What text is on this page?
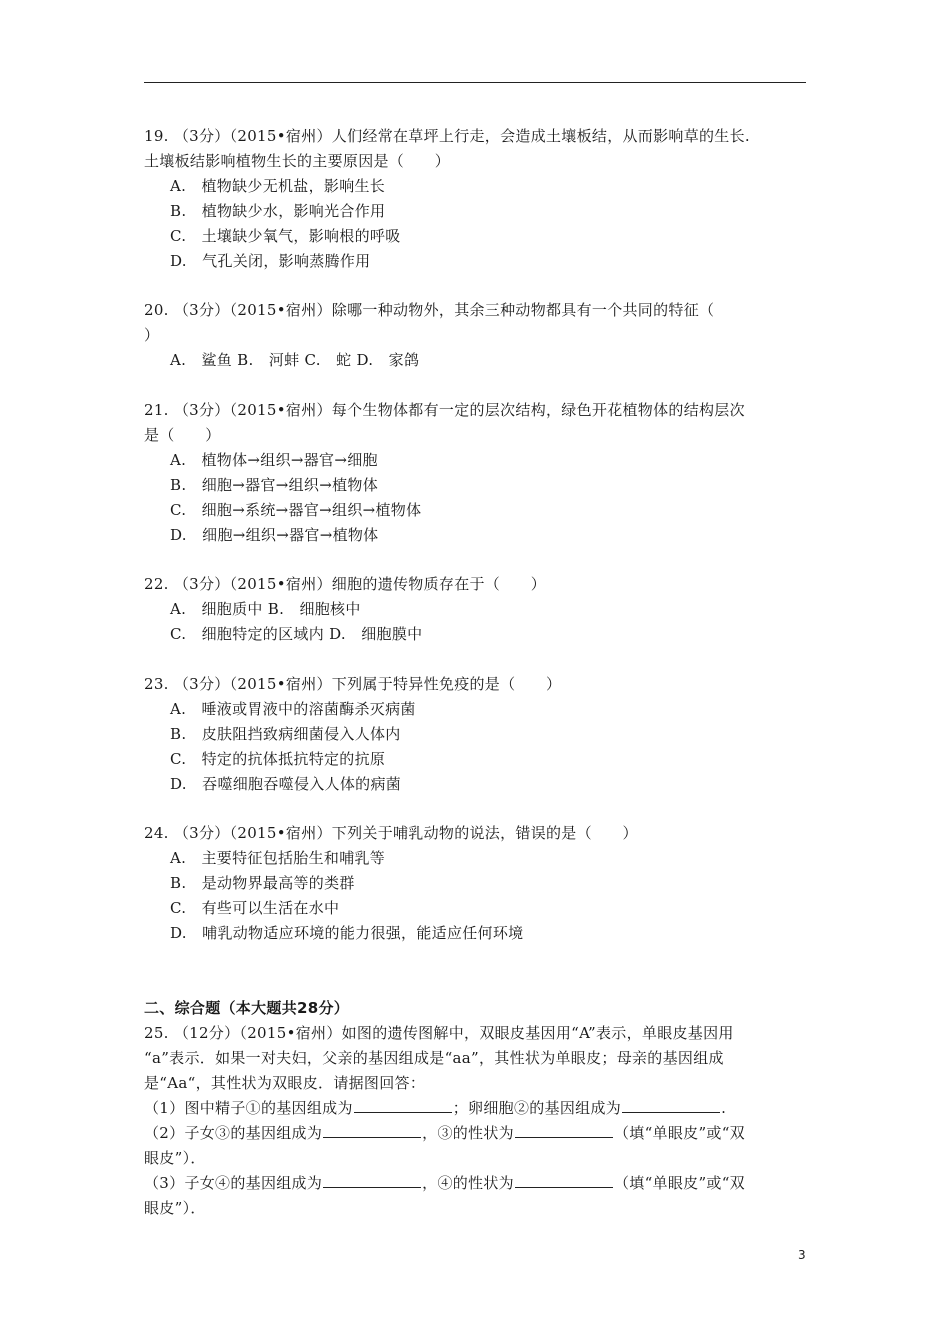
19. （3分）（2015•宿州）人们经常在草坪上行走，会造成土壤板结，从而影响草的生长.
土壤板结影响植物生长的主要原因是（　　）
A.　植物缺少无机盐，影响生长
B.　植物缺少水，影响光合作用
C.　土壤缺少氧气，影响根的呼吸
D.　气孔关闭，影响蒸腾作用
20. （3分）（2015•宿州）除哪一种动物外，其余三种动物都具有一个共同的特征（
）
A.　鲨鱼 B.　河蚌 C.　蛇 D.　家鸽
21. （3分）（2015•宿州）每个生物体都有一定的层次结构，绿色开花植物体的结构层次
是（　　）
A.　植物体→组织→器官→细胞
B.　细胞→器官→组织→植物体
C.　细胞→系统→器官→组织→植物体
D.　细胞→组织→器官→植物体
22. （3分）（2015•宿州）细胞的遗传物质存在于（　　）
A.　细胞质中 B.　细胞核中
C.　细胞特定的区域内 D.　细胞膜中
23. （3分）（2015•宿州）下列属于特异性免疫的是（　　）
A.　唾液或胃液中的溶菌酶杀灭病菌
B.　皮肤阻挡致病细菌侵入人体内
C.　特定的抗体抵抗特定的抗原
D.　吞噬细胞吞噬侵入人体的病菌
24. （3分）（2015•宿州）下列关于哺乳动物的说法，错误的是（　　）
A.　主要特征包括胎生和哺乳等
B.　是动物界最高等的类群
C.　有些可以生活在水中
D.　哺乳动物适应环境的能力很强，能适应任何环境
二、综合题（本大题共28分）
25. （12分）（2015•宿州）如图的遗传图解中，双眼皮基因用“A”表示，单眼皮基因用
“a”表示．如果一对夫妇，父亲的基因组成是“aa”，其性状为单眼皮；母亲的基因组成
是“Aa“，其性状为双眼皮．请据图回答：
（1）图中精子①的基因组成为	；卵细胞②的基因组成为	.
（2）子女③的基因组成为	，③的性状为	（填“单眼皮”或“双
眼皮”）．
（3）子女④的基因组成为	，④的性状为	（填“单眼皮”或“双
眼皮”）．
3
